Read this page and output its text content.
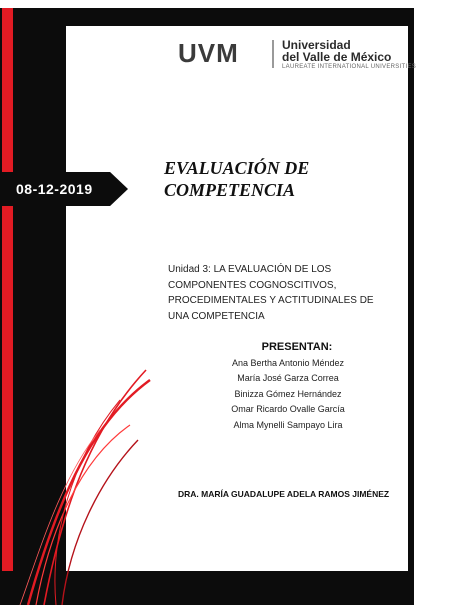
UVM	Universidad
del Valle de México
LAUREATE INTERNATIONAL UNIVERSITIES
08-12-2019
EVALUACIÓN DE
COMPETENCIA
Unidad 3: LA EVALUACIÓN DE LOS
COMPONENTES COGNOSCITIVOS,
PROCEDIMENTALES Y ACTITUDINALES DE
UNA COMPETENCIA
PRESENTAN:
Ana Bertha Antonio Méndez
María José Garza Correa
Binizza Gómez Hernández
Omar Ricardo Ovalle García
Alma Mynelli Sampayo Lira
DRA. MARÍA GUADALUPE ADELA RAMOS JIMÉNEZ
